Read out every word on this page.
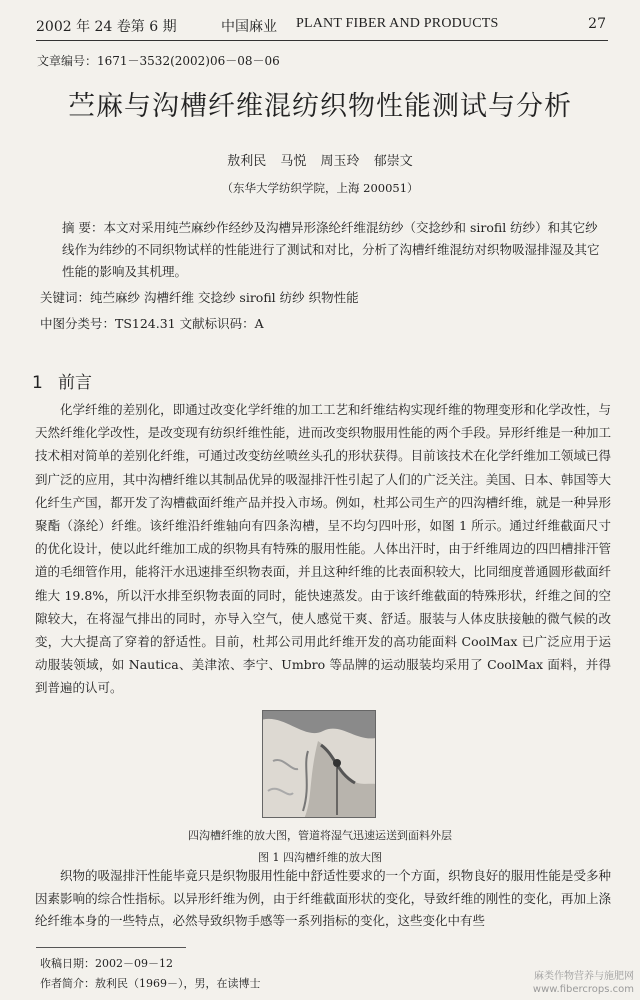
2002 年 24 卷第 6 期	中国麻业 PLANT FIBER AND PRODUCTS	27
文章编号：1671－3532(2002)06－08－06
苎麻与沟槽纤维混纺织物性能测试与分析
敖利民 马悦 周玉玲 郁崇文
（东华大学纺织学院，上海 200051）
摘 要：本文对采用纯苎麻纱作经纱及沟槽异形涤纶纤维混纺纱（交捻纱和 sirofil 纺纱）和其它纱线作为纬纱的不同织物试样的性能进行了测试和对比，分析了沟槽纤维混纺对织物吸湿排湿及其它性能的影响及其机理。
关键词：纯苎麻纱 沟槽纤维 交捻纱 sirofil 纺纱 织物性能
中图分类号：TS124.31 文献标识码：A
1 前言
化学纤维的差别化，即通过改变化学纤维的加工工艺和纤维结构实现纤维的物理变形和化学改性，与天然纤维化学改性，是改变现有纺织纤维性能，进而改变织物服用性能的两个手段。异形纤维是一种加工技术相对简单的差别化纤维，可通过改变纺丝喷丝头孔的形状获得。目前该技术在化学纤维加工领域已得到广泛的应用，其中沟槽纤维以其制品优异的吸湿排汗性引起了人们的广泛关注。美国、日本、韩国等大化纤生产国，都开发了沟槽截面纤维产品并投入市场。例如，杜邦公司生产的四沟槽纤维，就是一种异形聚酯（涤纶）纤维。该纤维沿纤维轴向有四条沟槽，呈不均匀四叶形，如图 1 所示。通过纤维截面尺寸的优化设计，使以此纤维加工成的织物具有特殊的服用性能。人体出汗时，由于纤维周边的四凹槽排汗管道的毛细管作用，能将汗水迅速排至织物表面，并且这种纤维的比表面积较大，比同细度普通圆形截面纤维大 19.8%，所以汗水排至织物表面的同时，能快速蒸发。由于该纤维截面的特殊形状，纤维之间的空隙较大，在将湿气排出的同时，亦导入空气，使人感觉干爽、舒适。服装与人体皮肤接触的微气候的改变，大大提高了穿着的舒适性。目前，杜邦公司用此纤维开发的高功能面料 CoolMax 已广泛应用于运动服装领域，如 Nautica、美津浓、李宁、Umbro 等品牌的运动服装均采用了 CoolMax 面料，并得到普遍的认可。
四沟槽纤维的放大图，管道将湿气迅速运送到面料外层
图 1 四沟槽纤维的放大图
织物的吸湿排汗性能毕竟只是织物服用性能中舒适性要求的一个方面，织物良好的服用性能是受多种因素影响的综合性指标。以异形纤维为例，由于纤维截面形状的变化，导致纤维的刚性的变化，再加上涤纶纤维本身的一些特点，必然导致织物手感等一系列指标的变化，这些变化中有些
收稿日期：2002－09－12
作者简介：敖利民（1969－），男，在读博士
麻类作物营养与施肥网
www.fibercrops.com
